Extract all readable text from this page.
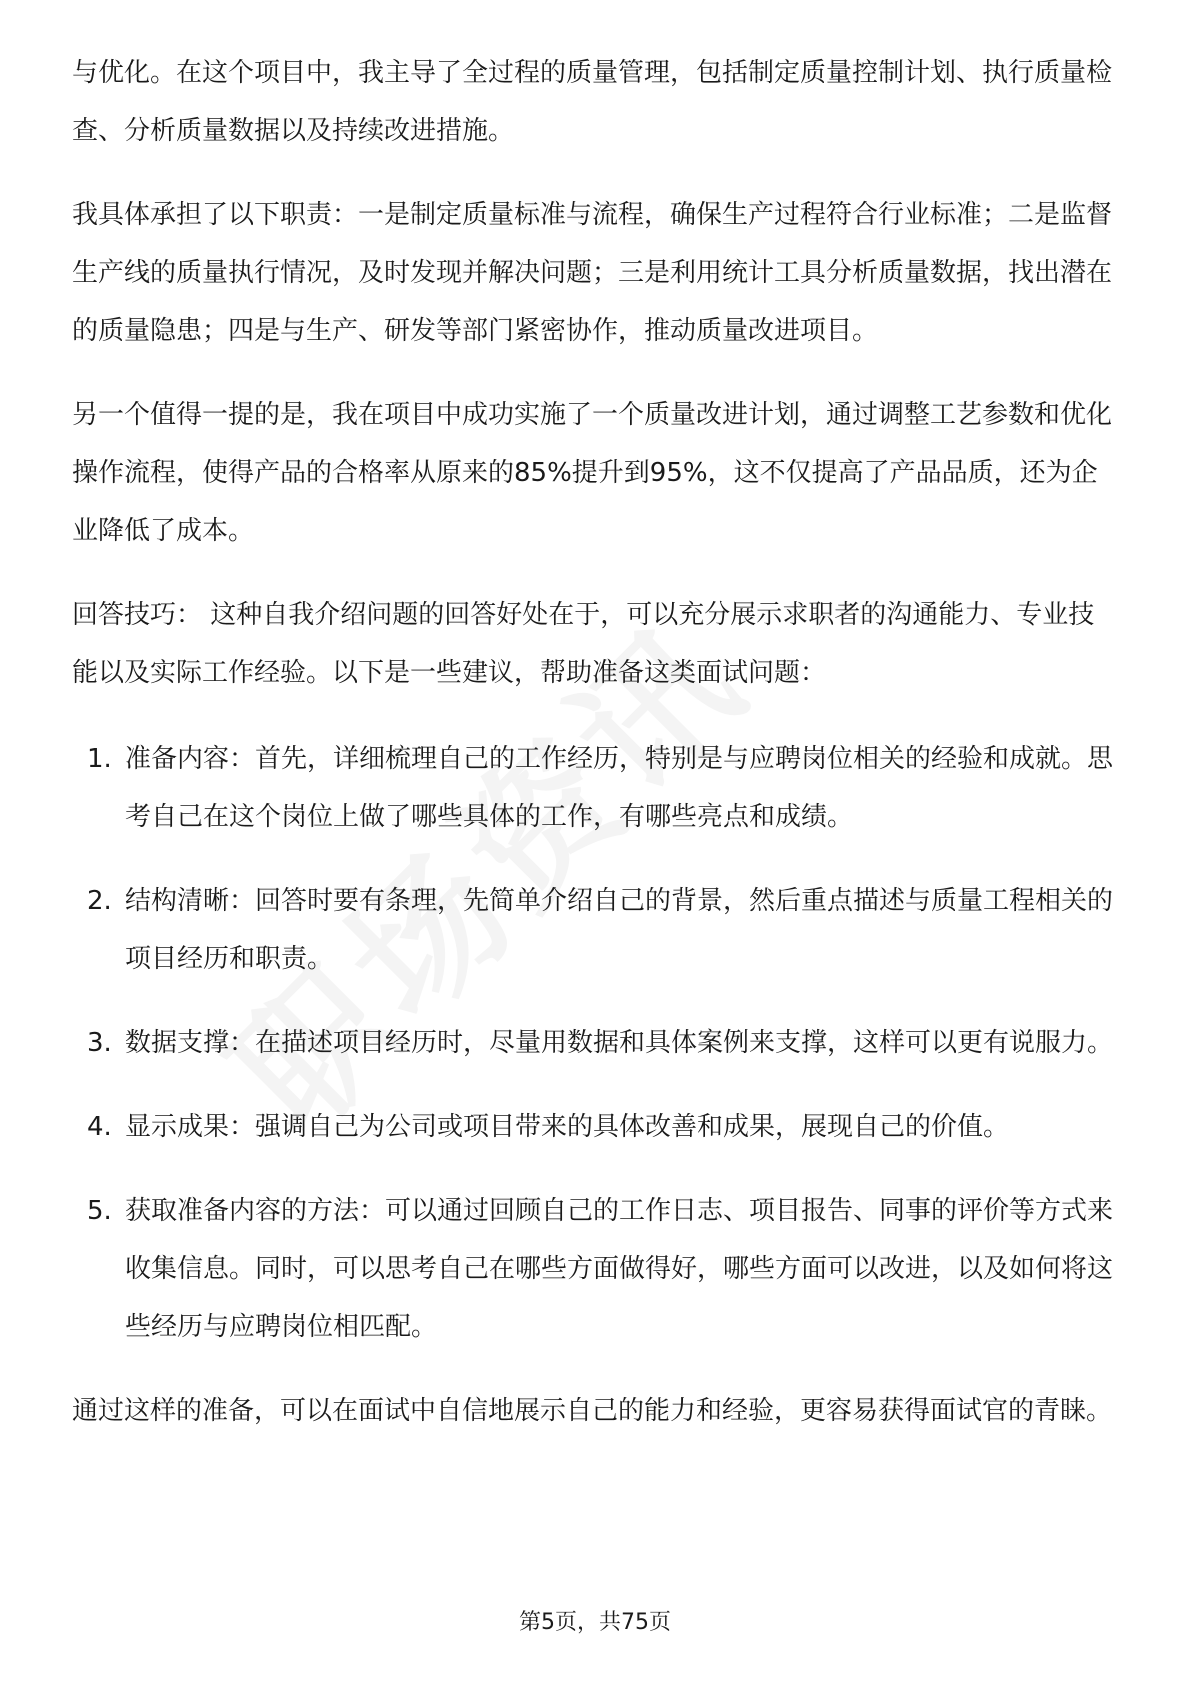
与优化。在这个项目中，我主导了全过程的质量管理，包括制定质量控制计划、执行质量检查、分析质量数据以及持续改进措施。

我具体承担了以下职责：一是制定质量标准与流程，确保生产过程符合行业标准；二是监督生产线的质量执行情况，及时发现并解决问题；三是利用统计工具分析质量数据，找出潜在的质量隐患；四是与生产、研发等部门紧密协作，推动质量改进项目。

另一个值得一提的是，我在项目中成功实施了一个质量改进计划，通过调整工艺参数和优化操作流程，使得产品的合格率从原来的85%提升到95%，这不仅提高了产品品质，还为企业降低了成本。

回答技巧： 这种自我介绍问题的回答好处在于，可以充分展示求职者的沟通能力、专业技能以及实际工作经验。以下是一些建议，帮助准备这类面试问题：

1. 准备内容：首先，详细梳理自己的工作经历，特别是与应聘岗位相关的经验和成就。思考自己在这个岗位上做了哪些具体的工作，有哪些亮点和成绩。
2. 结构清晰：回答时要有条理，先简单介绍自己的背景，然后重点描述与质量工程相关的项目经历和职责。
3. 数据支撑：在描述项目经历时，尽量用数据和具体案例来支撑，这样可以更有说服力。
4. 显示成果：强调自己为公司或项目带来的具体改善和成果，展现自己的价值。
5. 获取准备内容的方法：可以通过回顾自己的工作日志、项目报告、同事的评价等方式来收集信息。同时，可以思考自己在哪些方面做得好，哪些方面可以改进，以及如何将这些经历与应聘岗位相匹配。

通过这样的准备，可以在面试中自信地展示自己的能力和经验，更容易获得面试官的青睐。

第5页，共75页
